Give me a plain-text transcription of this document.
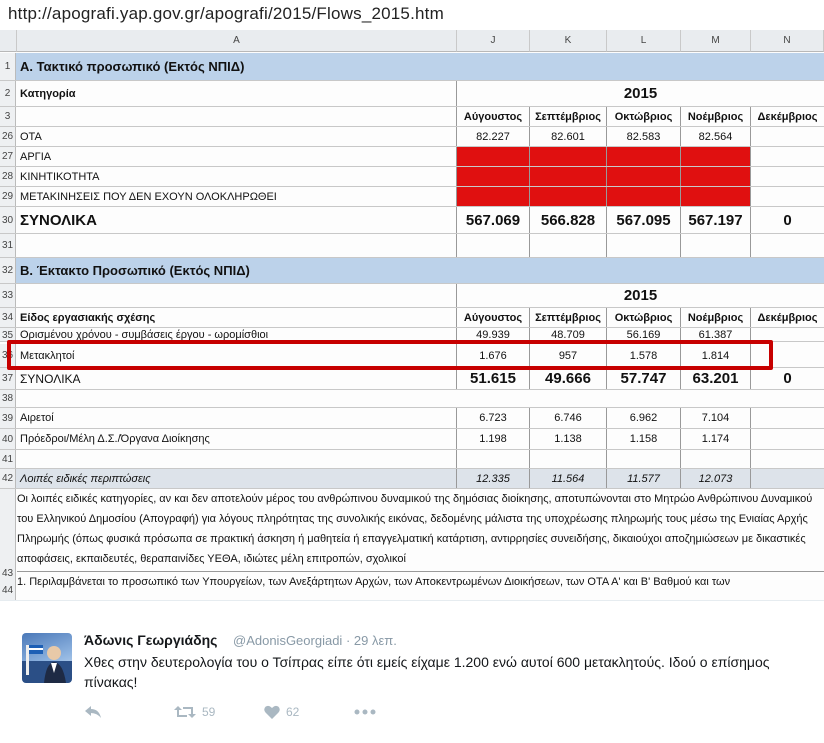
http://apografi.yap.gov.gr/apografi/2015/Flows_2015.htm
A	J	K	L	M	N
1 Α. Τακτικό προσωπικό (Εκτός ΝΠΙΔ)
2 Κατηγορία	2015
3	Αύγουστος	Σεπτέμβριος	Οκτώβριος	Νοέμβριος	Δεκέμβριος
26 ΟΤΑ	82.227	82.601	82.583	82.564
27 ΑΡΓΙΑ
28 ΚΙΝΗΤΙΚΟΤΗΤΑ
29 ΜΕΤΑΚΙΝΗΣΕΙΣ ΠΟΥ ΔΕΝ ΕΧΟΥΝ ΟΛΟΚΛΗΡΩΘΕΙ
30 ΣΥΝΟΛΙΚΑ	567.069	566.828	567.095	567.197	0
31
32 Β. Έκτακτο Προσωπικό (Εκτός ΝΠΙΔ)
33	2015
34 Είδος εργασιακής σχέσης	Αύγουστος	Σεπτέμβριος	Οκτώβριος	Νοέμβριος	Δεκέμβριος
35 Ορισμένου χρόνου - συμβάσεις έργου - ωρομίσθιοι	49.939	48.709	56.169	61.387
36 Μετακλητοί	1.676	957	1.578	1.814
37 ΣΥΝΟΛΙΚΑ	51.615	49.666	57.747	63.201	0
38
39 Αιρετοί	6.723	6.746	6.962	7.104
40 Πρόεδροι/Μέλη Δ.Σ./Όργανα Διοίκησης	1.198	1.138	1.158	1.174
41
42 Λοιπές ειδικές περιπτώσεις	12.335	11.564	11.577	12.073
43
44
Οι λοιπές ειδικές κατηγορίες, αν και δεν αποτελούν μέρος του ανθρώπινου δυναμικού της δημόσιας διοίκησης, αποτυπώνονται στο Μητρώο Ανθρώπινου Δυναμικού του Ελληνικού Δημοσίου (Απογραφή) για λόγους πληρότητας της συνολικής εικόνας, δεδομένης μάλιστα της υποχρέωσης πληρωμής τους μέσω της Ενιαίας Αρχής Πληρωμής (όπως φυσικά πρόσωπα σε πρακτική άσκηση ή μαθητεία ή επαγγελματική κατάρτιση, αντιρρησίες συνειδήσης, δικαιούχοι αποζημιώσεων με δικαστικές αποφάσεις, εκπαιδευτές, θεραπαινίδες ΥΕΘΑ, ιδιώτες μέλη επιτροπών, σχολικοί
1. Περιλαμβάνεται το προσωπικό των Υπουργείων, των Ανεξάρτητων Αρχών, των Αποκεντρωμένων Διοικήσεων, των ΟΤΑ Α' και Β' Βαθμού και των
Άδωνις Γεωργιάδης @AdonisGeorgiadi · 29 λεπ.
Χθες στην δευτερολογία του ο Τσίπρας είπε ότι εμείς είχαμε 1.200 ενώ αυτοί 600 μετακλητούς. Ιδού ο επίσημος πίνακας!
59	62
